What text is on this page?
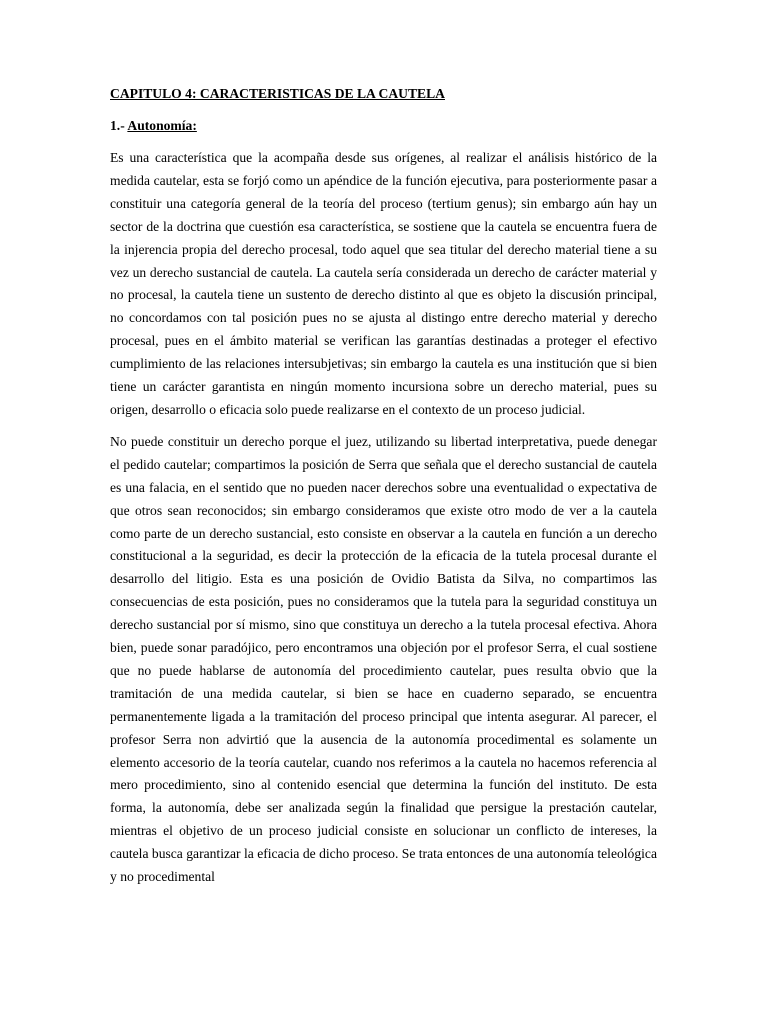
CAPITULO 4: CARACTERISTICAS DE LA CAUTELA
1.- Autonomía:

Es una característica que la acompaña desde sus orígenes, al realizar el análisis histórico de la medida cautelar, esta se forjó como un apéndice de la función ejecutiva, para posteriormente pasar a constituir una categoría general de la teoría del proceso (tertium genus); sin embargo aún hay un sector de la doctrina que cuestión esa característica, se sostiene que la cautela se encuentra fuera de la injerencia propia del derecho procesal, todo aquel que sea titular del derecho material tiene a su vez un derecho sustancial de cautela. La cautela sería considerada un derecho de carácter material y no procesal, la cautela tiene un sustento de derecho distinto al que es objeto la discusión principal, no concordamos con tal posición pues no se ajusta al distingo entre derecho material y derecho procesal, pues en el ámbito material se verifican las garantías destinadas a proteger el efectivo cumplimiento de las relaciones intersubjetivas; sin embargo la cautela es una institución que si bien tiene un carácter garantista en ningún momento incursiona sobre un derecho material, pues su origen, desarrollo o eficacia solo puede realizarse en el contexto de un proceso judicial.

No puede constituir un derecho porque el juez, utilizando su libertad interpretativa, puede denegar el pedido cautelar; compartimos la posición de Serra que señala que el derecho sustancial de cautela es una falacia, en el sentido que no pueden nacer derechos sobre una eventualidad o expectativa de que otros sean reconocidos; sin embargo consideramos que existe otro modo de ver a la cautela como parte de un derecho sustancial, esto consiste en observar a la cautela en función a un derecho constitucional a la seguridad, es decir la protección de la eficacia de la tutela procesal durante el desarrollo del litigio. Esta es una posición de Ovidio Batista da Silva, no compartimos las consecuencias de esta posición, pues no consideramos que la tutela para la seguridad constituya un derecho sustancial por sí mismo, sino que constituya un derecho a la tutela procesal efectiva. Ahora bien, puede sonar paradójico, pero encontramos una objeción por el profesor Serra, el cual sostiene que no puede hablarse de autonomía del procedimiento cautelar, pues resulta obvio que la tramitación de una medida cautelar, si bien se hace en cuaderno separado, se encuentra permanentemente ligada a la tramitación del proceso principal que intenta asegurar. Al parecer, el profesor Serra non advirtió que la ausencia de la autonomía procedimental es solamente un elemento accesorio de la teoría cautelar, cuando nos referimos a la cautela no hacemos referencia al mero procedimiento, sino al contenido esencial que determina la función del instituto. De esta forma, la autonomía, debe ser analizada según la finalidad que persigue la prestación cautelar, mientras el objetivo de un proceso judicial consiste en solucionar un conflicto de intereses, la cautela busca garantizar la eficacia de dicho proceso. Se trata entonces de una autonomía teleológica y no procedimental
